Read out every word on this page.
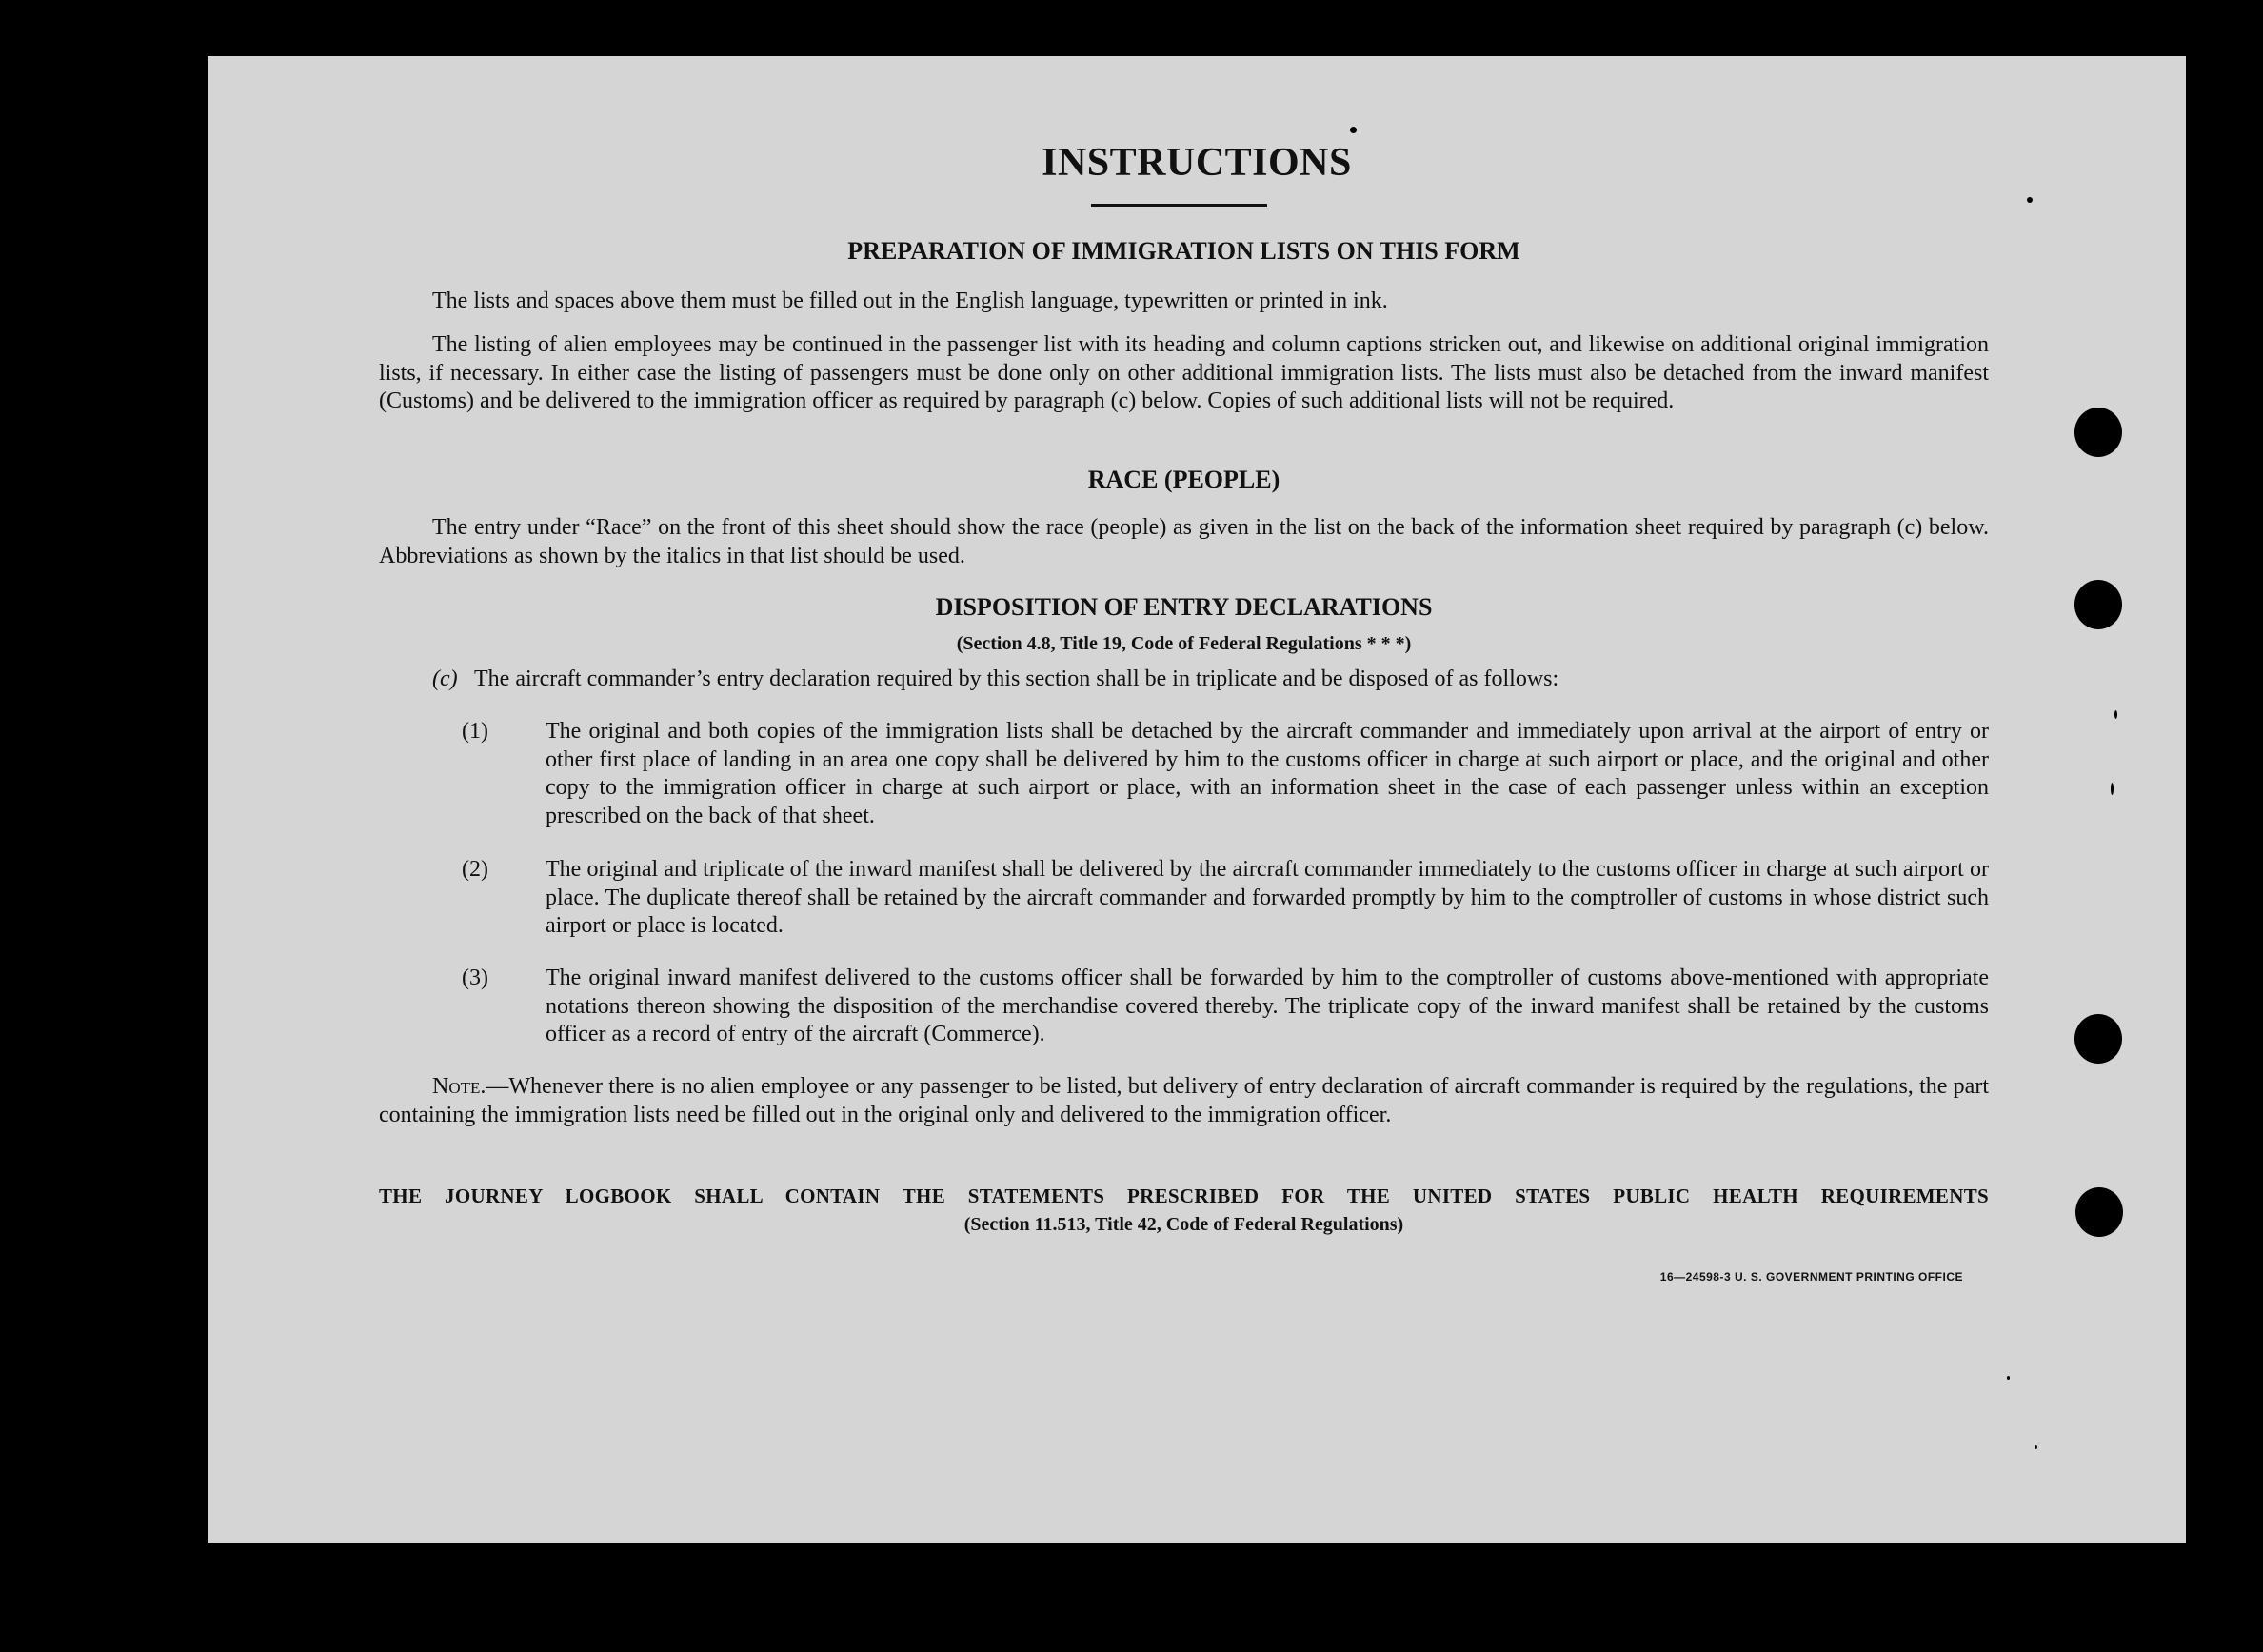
INSTRUCTIONS
PREPARATION OF IMMIGRATION LISTS ON THIS FORM
The lists and spaces above them must be filled out in the English language, typewritten or printed in ink.
The listing of alien employees may be continued in the passenger list with its heading and column captions stricken out, and likewise on additional original immigration lists, if necessary. In either case the listing of passengers must be done only on other additional immigration lists. The lists must also be detached from the inward manifest (Customs) and be delivered to the immigration officer as required by paragraph (c) below. Copies of such additional lists will not be required.
RACE (PEOPLE)
The entry under “Race” on the front of this sheet should show the race (people) as given in the list on the back of the information sheet required by paragraph (c) below. Abbreviations as shown by the italics in that list should be used.
DISPOSITION OF ENTRY DECLARATIONS
(Section 4.8, Title 19, Code of Federal Regulations * * *)
(c) The aircraft commander’s entry declaration required by this section shall be in triplicate and be disposed of as follows:
(1)	The original and both copies of the immigration lists shall be detached by the aircraft commander and immediately upon arrival at the airport of entry or other first place of landing in an area one copy shall be delivered by him to the customs officer in charge at such airport or place, and the original and other copy to the immigration officer in charge at such airport or place, with an information sheet in the case of each passenger unless within an exception prescribed on the back of that sheet.
(2)	The original and triplicate of the inward manifest shall be delivered by the aircraft commander immediately to the customs officer in charge at such airport or place. The duplicate thereof shall be retained by the aircraft commander and forwarded promptly by him to the comptroller of customs in whose district such airport or place is located.
(3)	The original inward manifest delivered to the customs officer shall be forwarded by him to the comptroller of customs above-mentioned with appropriate notations thereon showing the disposition of the merchandise covered thereby. The triplicate copy of the inward manifest shall be retained by the customs officer as a record of entry of the aircraft (Commerce).
Note.—Whenever there is no alien employee or any passenger to be listed, but delivery of entry declaration of aircraft commander is required by the regulations, the part containing the immigration lists need be filled out in the original only and delivered to the immigration officer.
THE JOURNEY LOGBOOK SHALL CONTAIN THE STATEMENTS PRESCRIBED FOR THE UNITED STATES PUBLIC HEALTH REQUIREMENTS
(Section 11.513, Title 42, Code of Federal Regulations)
16—24598-3 U. S. GOVERNMENT PRINTING OFFICE
